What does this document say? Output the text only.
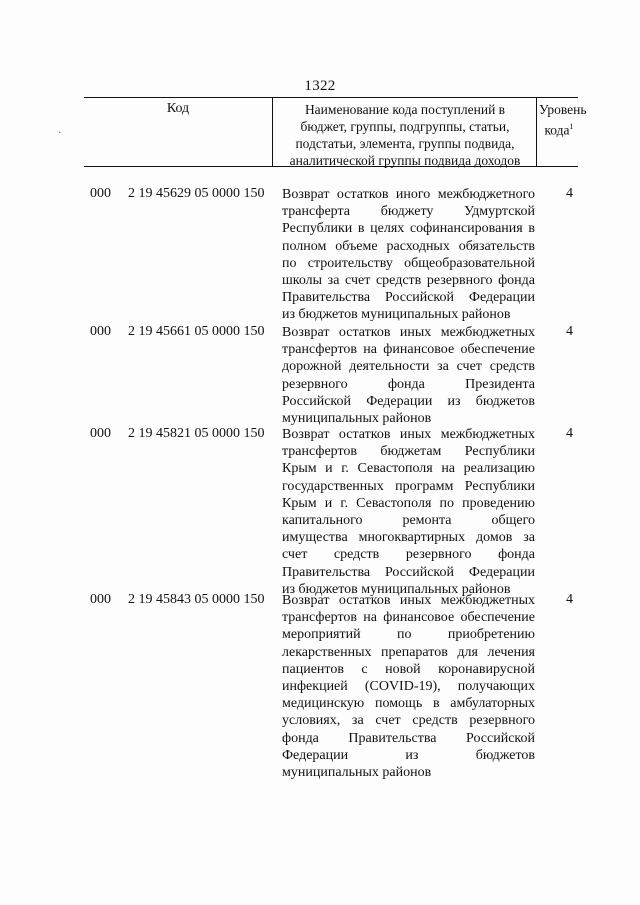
1322
·
Код	Наименование кода поступлений в
бюджет, группы, подгруппы, статьи,
подстатьи, элемента, группы подвида,
аналитической группы подвида доходов
Уровень
кода$^1$
000 2 19 45629 05 0000 150 Возврат остатков иного межбюджетного
трансферта бюджету Удмуртской
Республики в целях софинансирования в
полном объеме расходных обязательств
по строительству общеобразовательной
школы за счет средств резервного фонда
Правительства Российской Федерации
из бюджетов муниципальных районов
4
000 2 19 45661 05 0000 150 Возврат остатков иных межбюджетных
трансфертов на финансовое обеспечение
дорожной деятельности за счет средств
резервного фонда Президента
Российской Федерации из бюджетов
муниципальных районов
4
000 2 19 45821 05 0000 150 Возврат остатков иных межбюджетных
трансфертов бюджетам Республики
Крым и г. Севастополя на реализацию
государственных программ Республики
Крым и г. Севастополя по проведению
капитального ремонта общего
имущества многоквартирных домов за
счет средств резервного фонда
Правительства Российской Федерации
из бюджетов муниципальных районов
4
000 2 19 45843 05 0000 150 Возврат остатков иных межбюджетных
трансфертов на финансовое обеспечение
мероприятий по приобретению
лекарственных препаратов для лечения
пациентов с новой коронавирусной
инфекцией (COVID-19), получающих
медицинскую помощь в амбулаторных
условиях, за счет средств резервного
фонда Правительства Российской
Федерации из бюджетов
муниципальных районов
4
